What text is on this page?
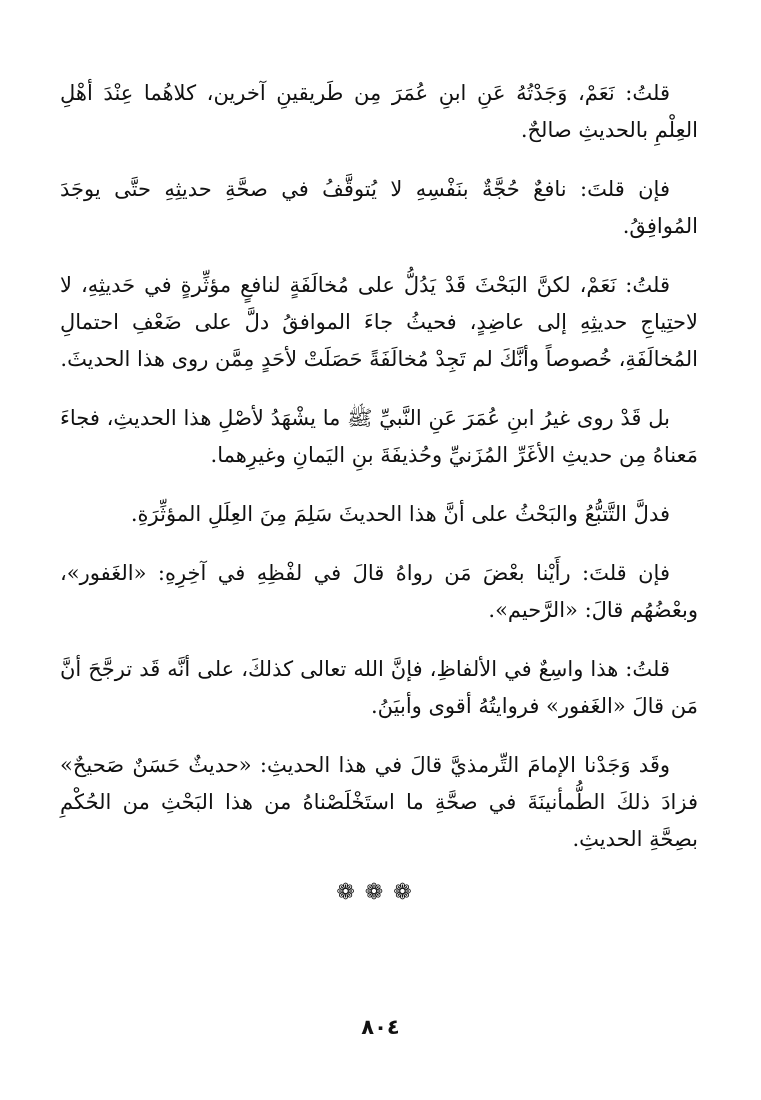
قلتُ: نَعَمْ، وَجَدْتُهُ عَنِ ابنِ عُمَرَ مِن طَريقينِ آخرين، كلاهُما عِنْدَ أهْلِ العِلْمِ بالحديثِ صالحٌ.

فإن قلتَ: نافعٌ حُجَّةٌ بنَفْسِهِ لا يُتوقَّفُ في صحَّةِ حديثِهِ حتَّى يوجَدَ المُوافِقُ.

قلتُ: نَعَمْ، لكنَّ البَحْثَ قَدْ يَدُلُّ على مُخالَفَةٍ لنافعٍ مؤثِّرةٍ في حَديثِهِ، لا لاحتِياجِ حديثِهِ إلى عاضِدٍ، فحيثُ جاءَ الموافقُ دلَّ على ضَعْفِ احتمالِ المُخالَفَةِ، خُصوصاً وأنَّكَ لم تَجِدْ مُخالَفَةً حَصَلَتْ لأحَدٍ مِمَّن روى هذا الحديثَ.

بل قَدْ روى غيرُ ابنِ عُمَرَ عَنِ النَّبيِّ ﷺ ما يشْهَدُ لأصْلِ هذا الحديثِ، فجاءَ مَعناهُ مِن حديثِ الأغَرِّ المُزَنيِّ وحُذيفَةَ بنِ اليَمانِ وغيرِهما.

فدلَّ التَّتبُّعُ والبَحْثُ على أنَّ هذا الحديثَ سَلِمَ مِنَ العِلَلِ المؤثِّرَةِ.

فإن قلتَ: رأَيْنا بعْضَ مَن رواهُ قالَ في لفْظِهِ في آخِرِهِ: «الغَفور»، وبعْضُهُم قالَ: «الرَّحيم».

قلتُ: هذا واسِعٌ في الألفاظِ، فإنَّ الله تعالى كذلكَ، على أنَّه قَد ترجَّحَ أنَّ مَن قالَ «الغَفور» فروايتُهُ أقوى وأبيَنُ.

وقَد وَجَدْنا الإمامَ التِّرمذيَّ قالَ في هذا الحديثِ: «حديثٌ حَسَنٌ صَحيحٌ» فزادَ ذلكَ الطُّمأنينَةَ في صحَّةِ ما استَخْلَصْناهُ من هذا البَحْثِ من الحُكْمِ بصِحَّةِ الحديثِ.

❁❁❁
٨٠٤
